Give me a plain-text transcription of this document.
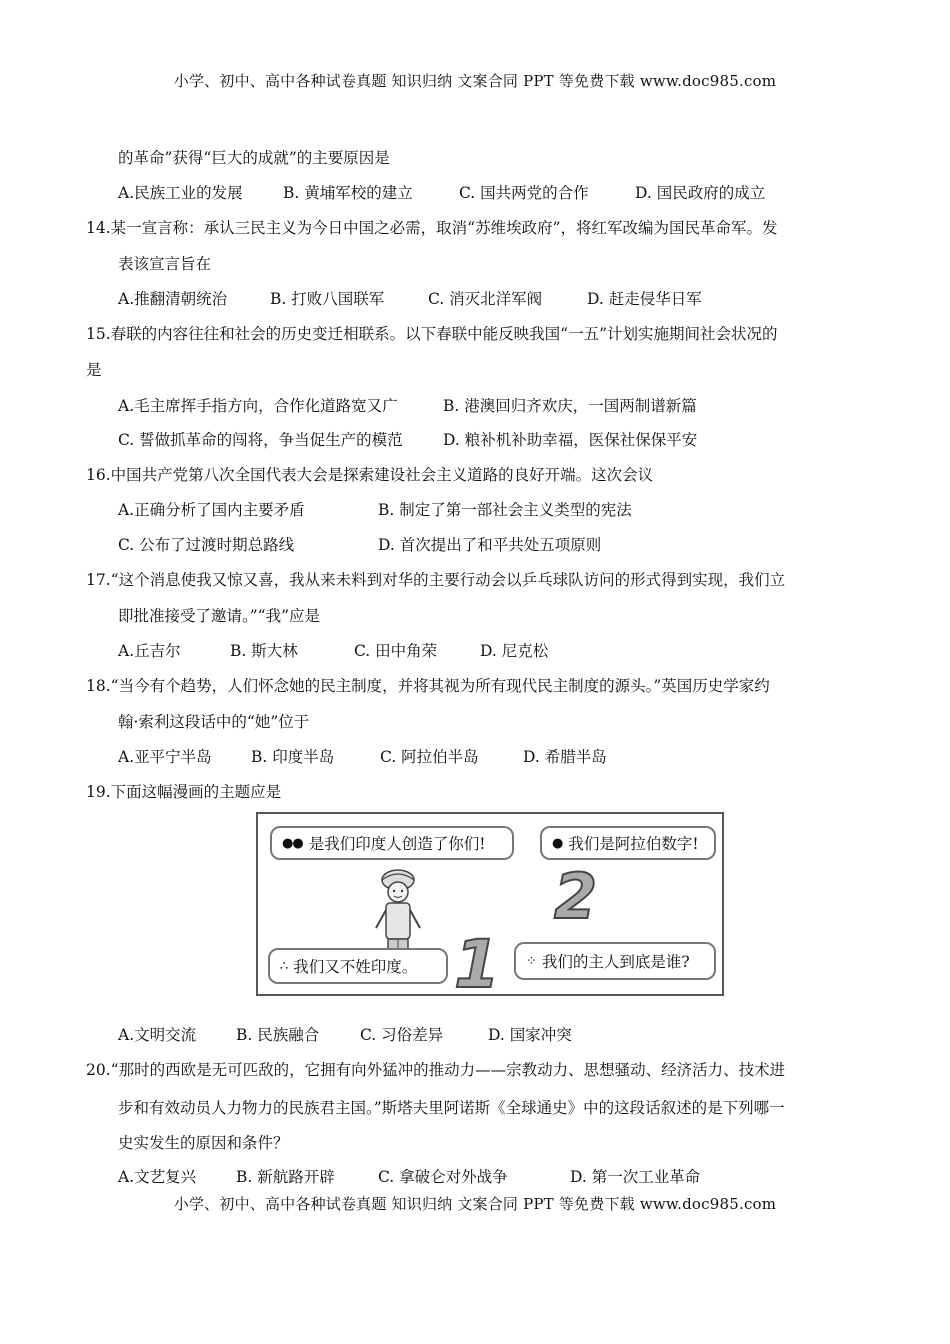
小学、初中、高中各种试卷真题 知识归纳 文案合同 PPT 等免费下载 www.doc985.com
的革命”获得“巨大的成就”的主要原因是
A.民族工业的发展	B. 黄埔军校的建立	C. 国共两党的合作	D. 国民政府的成立
14.某一宣言称：承认三民主义为今日中国之必需，取消“苏维埃政府”，将红军改编为国民革命军。发
表该宣言旨在
A.推翻清朝统治	B. 打败八国联军	C. 消灭北洋军阀	D. 赶走侵华日军
15.春联的内容往往和社会的历史变迁相联系。以下春联中能反映我国“一五”计划实施期间社会状况的
是
A.毛主席挥手指方向，合作化道路宽又广	B. 港澳回归齐欢庆，一国两制谱新篇
C. 誓做抓革命的闯将，争当促生产的模范	D. 粮补机补助幸福，医保社保保平安
16.中国共产党第八次全国代表大会是探索建设社会主义道路的良好开端。这次会议
A.正确分析了国内主要矛盾	B. 制定了第一部社会主义类型的宪法
C. 公布了过渡时期总路线	D. 首次提出了和平共处五项原则
17.“这个消息使我又惊又喜，我从来未料到对华的主要行动会以乒乓球队访问的形式得到实现，我们立
即批准接受了邀请。”“我”应是
A.丘吉尔	B. 斯大林	C. 田中角荣	D. 尼克松
18.“当今有个趋势，人们怀念她的民主制度，并将其视为所有现代民主制度的源头。”英国历史学家约
翰·索利这段话中的“她”位于
A.亚平宁半岛	B. 印度半岛	C. 阿拉伯半岛	D. 希腊半岛
19.下面这幅漫画的主题应是
●● 是我们印度人创造了你们!	● 我们是阿拉伯数字!
2
1
∴ 我们又不姓印度。	⁘ 我们的主人到底是谁?
A.文明交流	B. 民族融合	C. 习俗差异	D. 国家冲突
20.“那时的西欧是无可匹敌的，它拥有向外猛冲的推动力——宗教动力、思想骚动、经济活力、技术进
步和有效动员人力物力的民族君主国。”斯塔夫里阿诺斯《全球通史》中的这段话叙述的是下列哪一
史实发生的原因和条件？
A.文艺复兴	B. 新航路开辟	C. 拿破仑对外战争	D. 第一次工业革命
小学、初中、高中各种试卷真题 知识归纳 文案合同 PPT 等免费下载 www.doc985.com
